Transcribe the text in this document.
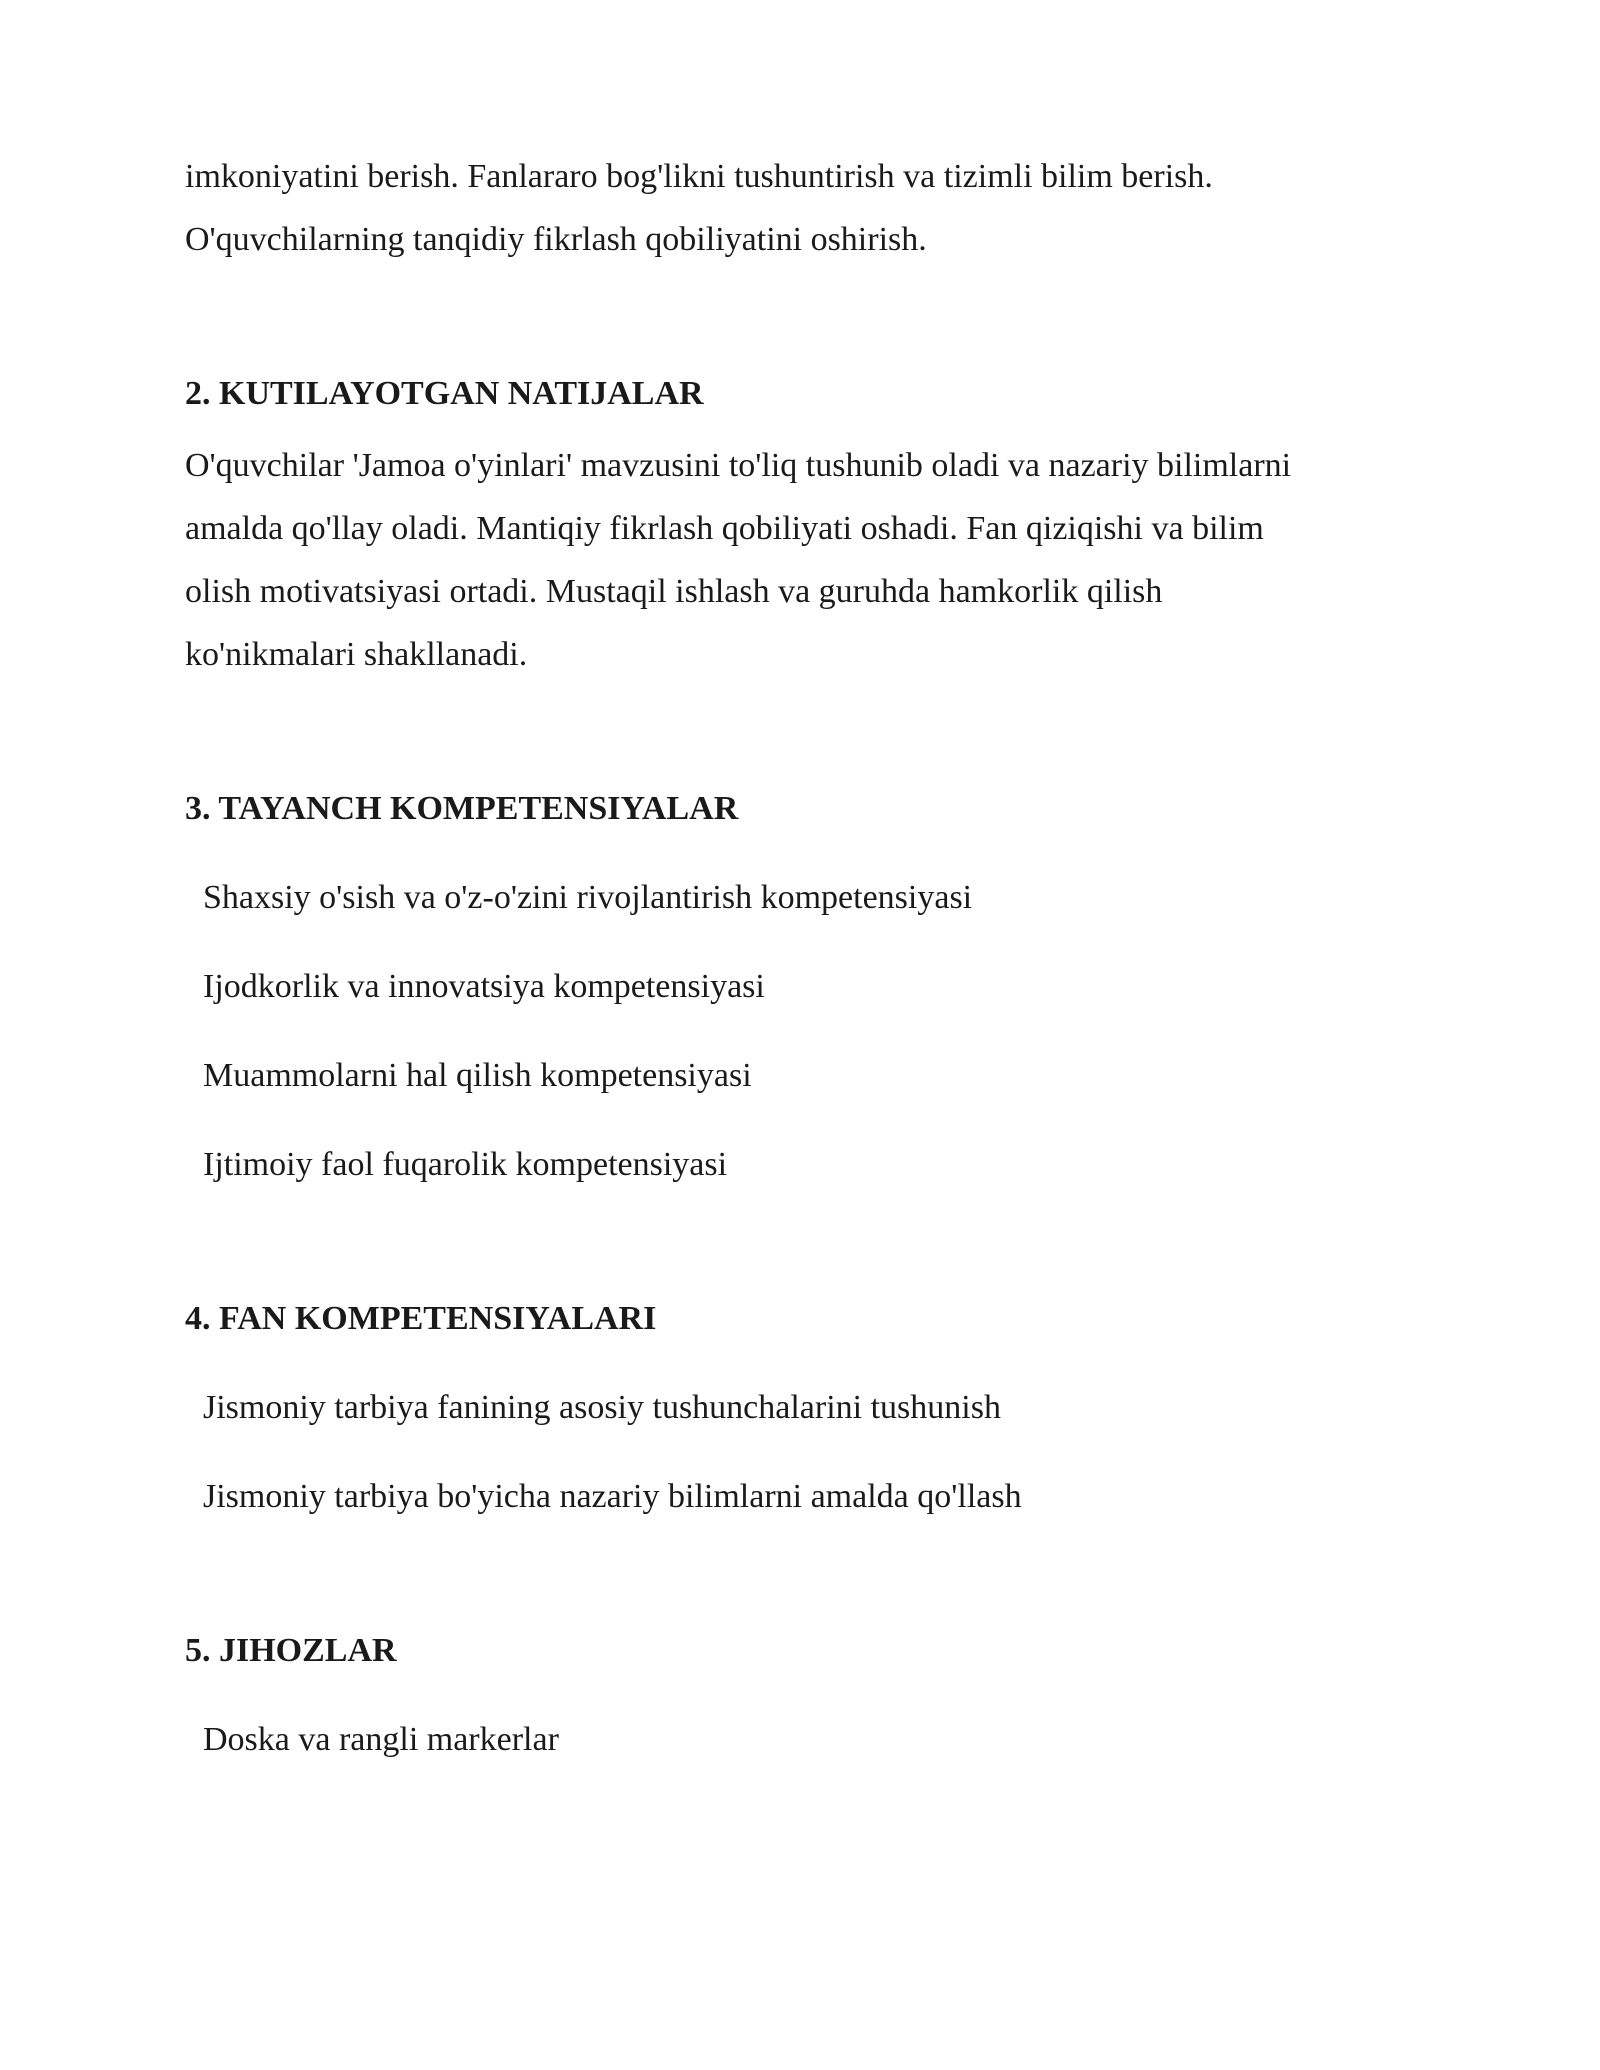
imkoniyatini berish. Fanlararo bog'likni tushuntirish va tizimli bilim berish.

O'quvchilarning tanqidiy fikrlash qobiliyatini oshirish.

2. KUTILAYOTGAN NATIJALAR

O'quvchilar 'Jamoa o'yinlari' mavzusini to'liq tushunib oladi va nazariy bilimlarni

amalda qo'llay oladi. Mantiqiy fikrlash qobiliyati oshadi. Fan qiziqishi va bilim

olish motivatsiyasi ortadi. Mustaqil ishlash va guruhda hamkorlik qilish

ko'nikmalari shakllanadi.

3. TAYANCH KOMPETENSIYALAR

Shaxsiy o'sish va o'z-o'zini rivojlantirish kompetensiyasi

Ijodkorlik va innovatsiya kompetensiyasi

Muammolarni hal qilish kompetensiyasi

Ijtimoiy faol fuqarolik kompetensiyasi

4. FAN KOMPETENSIYALARI

Jismoniy tarbiya fanining asosiy tushunchalarini tushunish

Jismoniy tarbiya bo'yicha nazariy bilimlarni amalda qo'llash

5. JIHOZLAR

Doska va rangli markerlar
